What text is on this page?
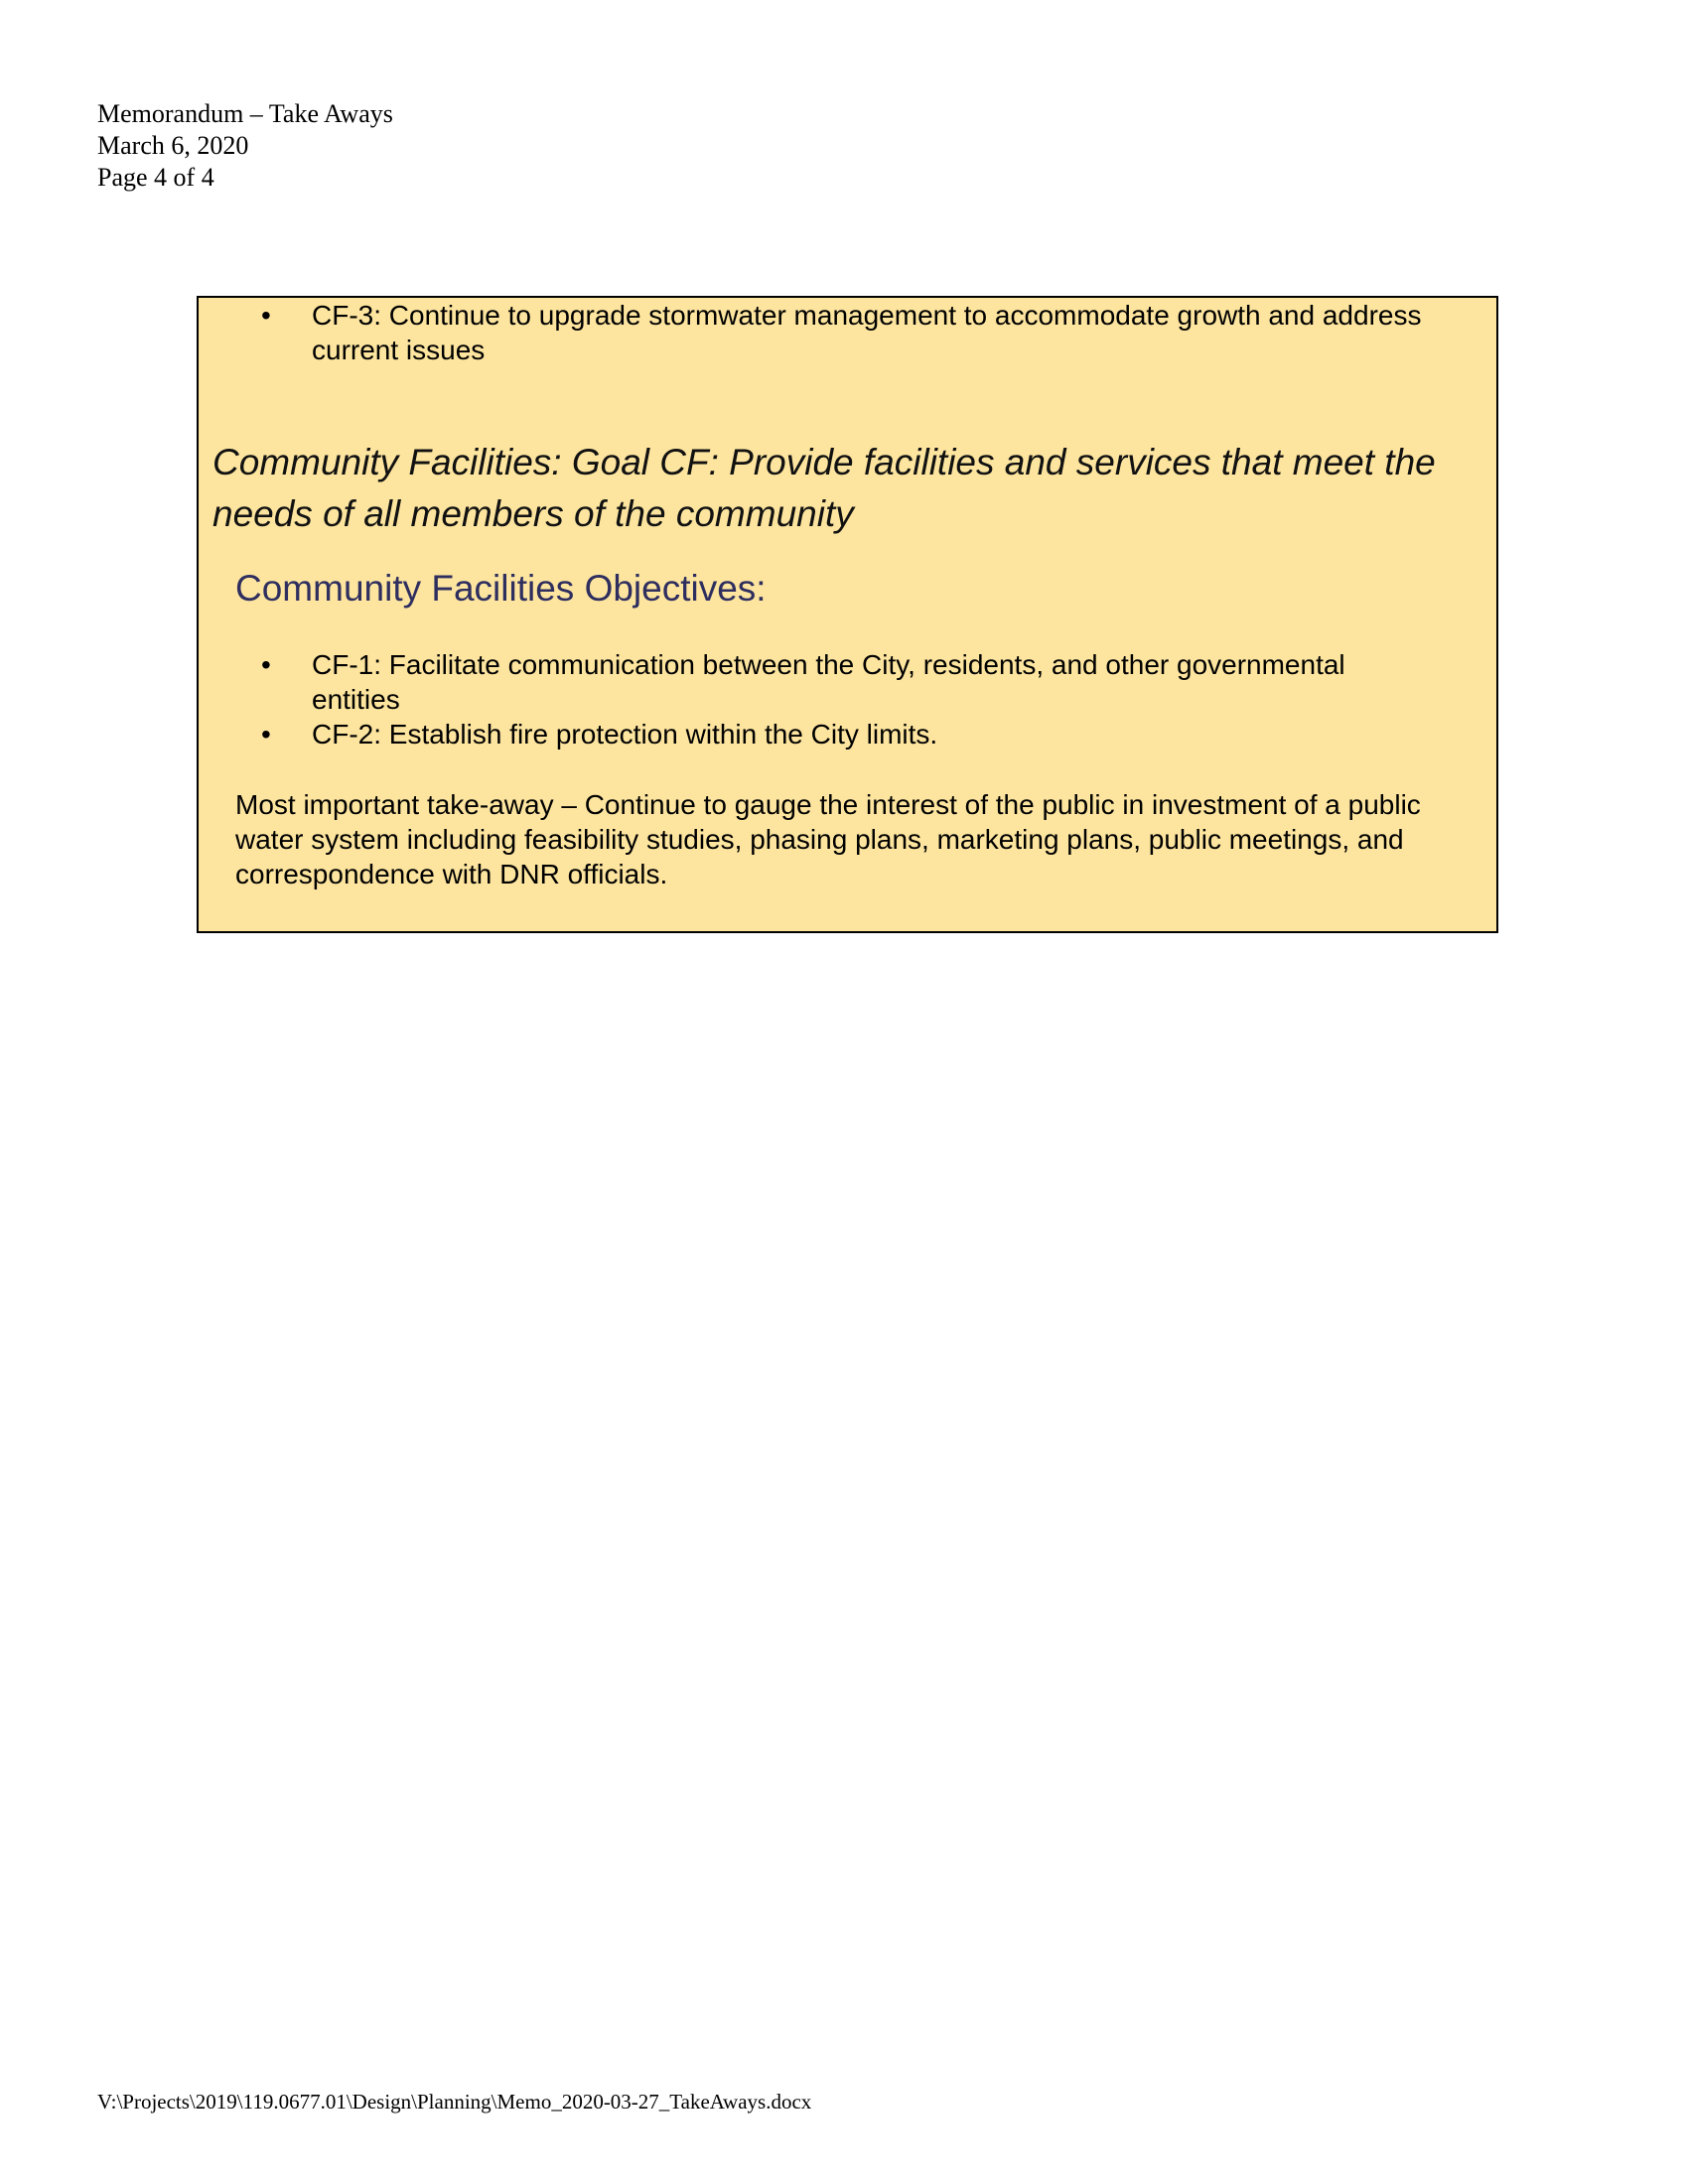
Memorandum – Take Aways
March 6, 2020
Page 4 of 4
• CF-3: Continue to upgrade stormwater management to accommodate growth and address current issues
Community Facilities: Goal CF: Provide facilities and services that meet the needs of all members of the community
Community Facilities Objectives:
• CF-1: Facilitate communication between the City, residents, and other governmental entities
• CF-2: Establish fire protection within the City limits.
Most important take-away – Continue to gauge the interest of the public in investment of a public water system including feasibility studies, phasing plans, marketing plans, public meetings, and correspondence with DNR officials.
V:\Projects\2019\119.0677.01\Design\Planning\Memo_2020-03-27_TakeAways.docx
